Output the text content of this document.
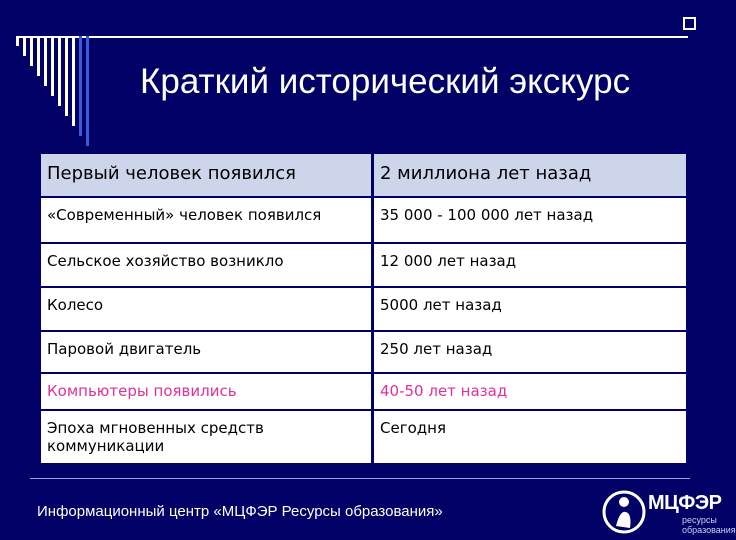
Краткий исторический экскурс
Первый человек появился	2 миллиона лет назад
«Современный» человек появился	35 000 - 100 000 лет назад
Сельское хозяйство возникло	12 000 лет назад
Колесо	5000 лет назад
Паровой двигатель	250 лет назад
Компьютеры появились	40-50 лет назад
Эпоха мгновенных средств коммуникации	Сегодня
Информационный центр «МЦФЭР Ресурсы образования»	МЦФЭР
ресурсы образования
